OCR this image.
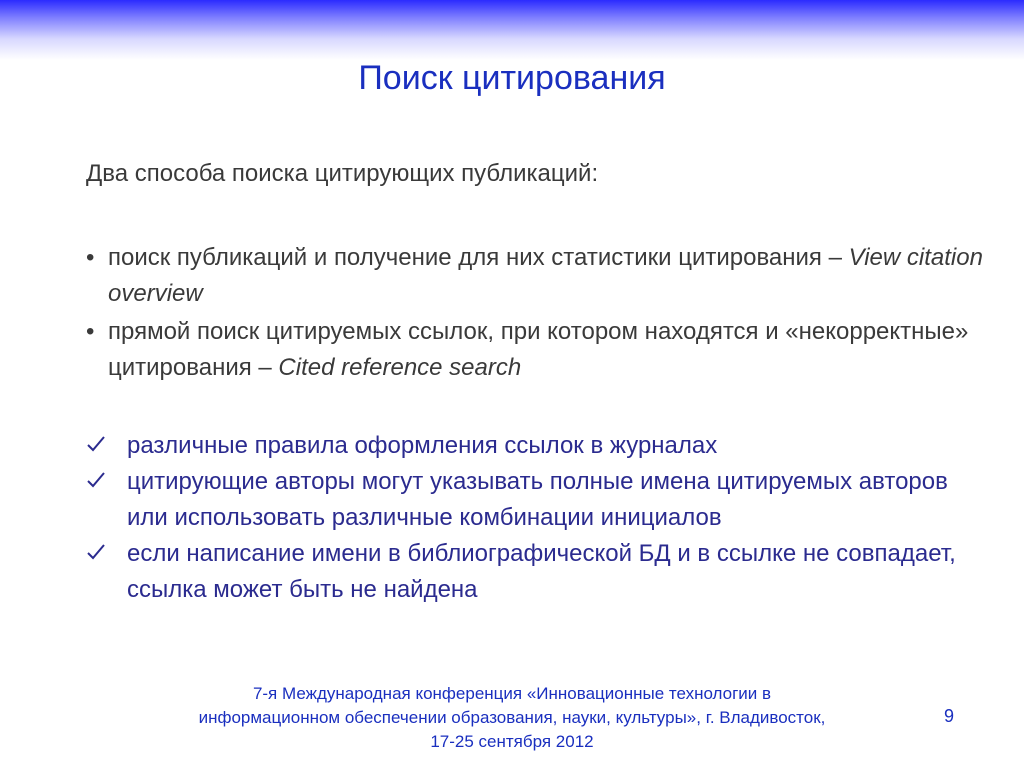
Поиск цитирования
Два способа поиска цитирующих публикаций:
• поиск публикаций и получение для них статистики цитирования – View citation overview
• прямой поиск цитируемых ссылок, при котором находятся и «некорректные» цитирования – Cited reference search
различные правила оформления ссылок в журналах
цитирующие авторы могут указывать полные имена цитируемых авторов или использовать различные комбинации инициалов
если написание имени в библиографической БД и в ссылке не совпадает, ссылка может быть не найдена
7-я Международная конференция «Инновационные технологии в
информационном обеспечении образования, науки, культуры», г. Владивосток,
17-25 сентября 2012
9
